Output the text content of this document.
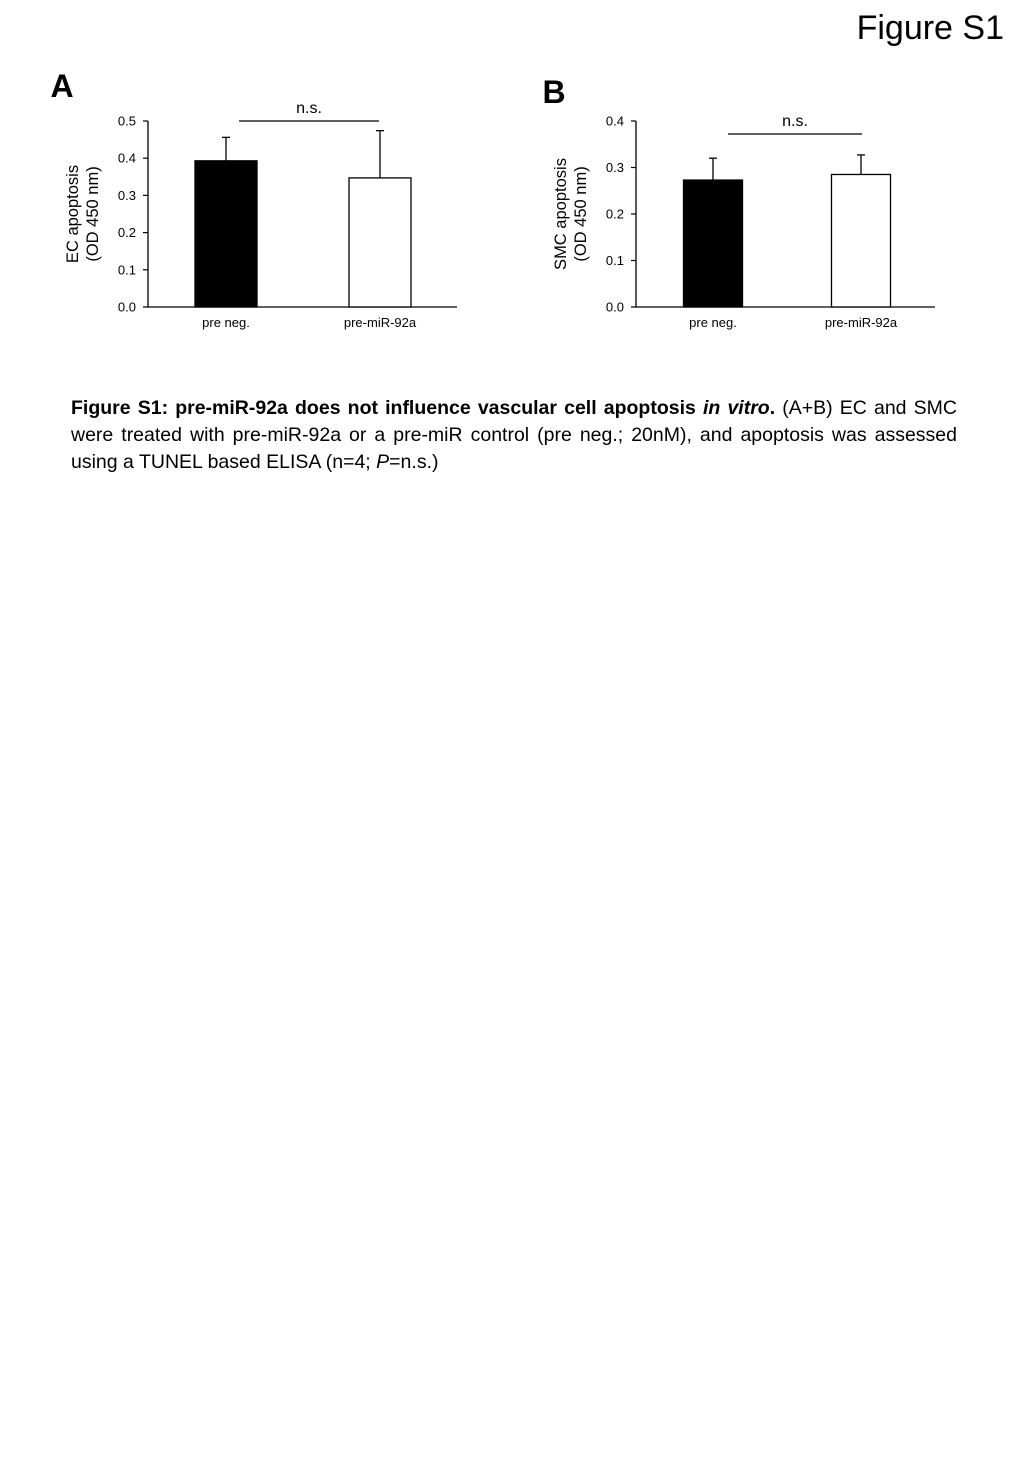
Figure S1
A
0.0
0.1
0.2
0.3
0.4
0.5
EC apoptosis (OD 450 nm)
pre neg.	pre-miR-92a
n.s.	B
0.0
0.1
0.2
0.3
0.4
SMC apoptosis (OD 450 nm)
pre neg.	pre-miR-92a
n.s.
Figure S1: pre-miR-92a does not influence vascular cell apoptosis in vitro. (A+B) EC and SMC were treated with pre-miR-92a or a pre-miR control (pre neg.; 20nM), and apoptosis was assessed using a TUNEL based ELISA (n=4; P=n.s.)
